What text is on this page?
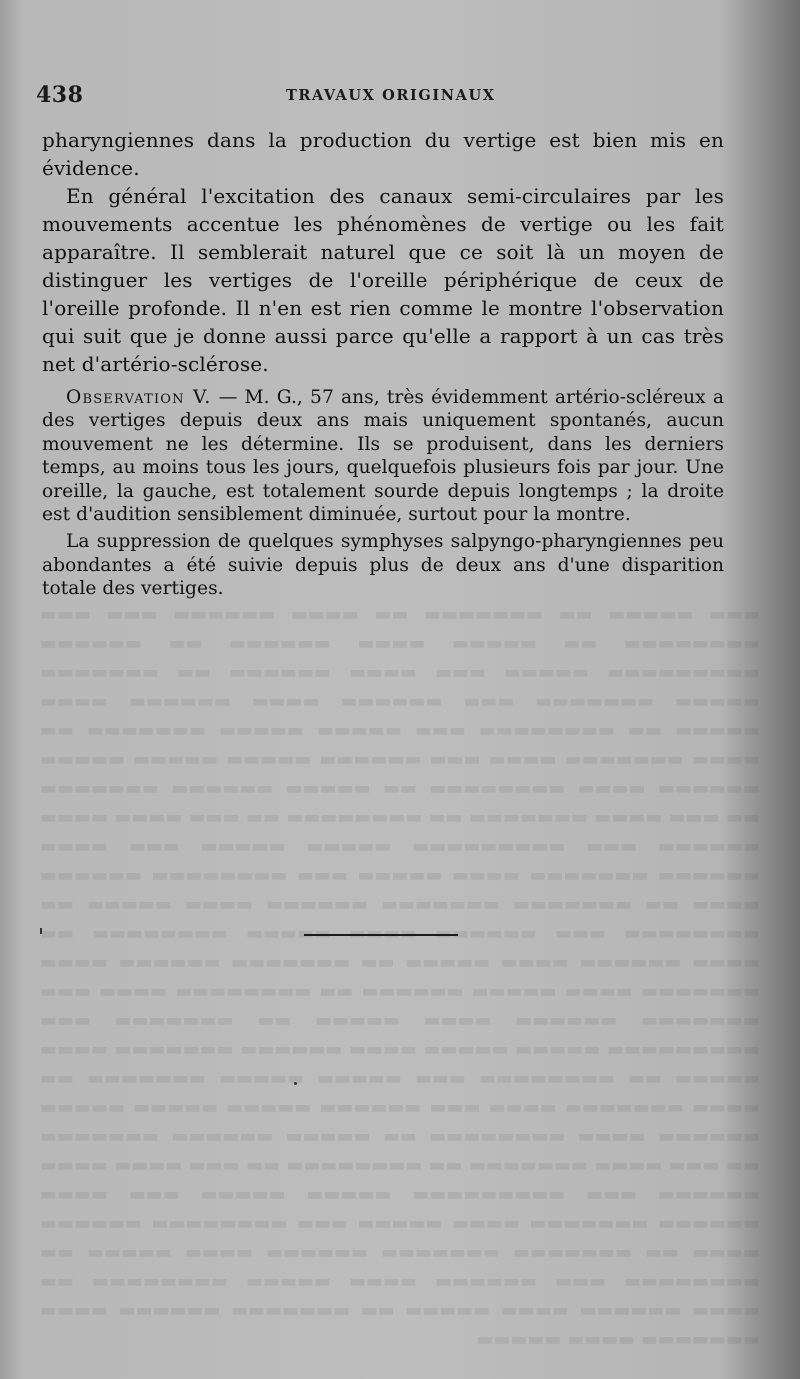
▬▬▬ ▬▬▬▬▬ ▬▬ ▬▬▬▬▬▬▬ ▬▬ ▬▬▬▬ ▬▬▬▬▬▬ ▬▬▬ ▬▬▬ ▬▬▬▬▬▬▬▬ ▬▬ ▬▬▬▬▬ ▬▬▬▬ ▬▬▬▬▬▬ ▬▬ ▬▬▬▬▬▬ ▬▬▬▬▬▬▬▬▬ ▬▬▬▬▬ ▬▬▬ ▬▬▬▬ ▬▬▬▬▬▬ ▬▬ ▬▬▬▬▬▬▬ ▬▬▬▬▬ ▬▬▬▬▬▬▬ ▬▬▬ ▬▬▬▬▬▬ ▬▬▬▬ ▬▬▬▬▬▬ ▬▬▬▬ ▬▬▬▬▬ ▬▬ ▬▬▬▬▬▬▬▬ ▬▬▬ ▬▬▬▬▬ ▬▬▬▬▬ ▬▬▬▬▬▬▬ ▬▬ ▬▬▬▬ ▬▬▬▬▬▬▬ ▬▬▬▬ ▬▬▬ ▬▬▬▬▬▬ ▬▬▬▬▬ ▬▬▬▬▬ ▬▬▬▬▬ ▬▬▬▬▬▬ ▬▬▬▬ ▬▬▬▬▬▬▬▬ ▬▬ ▬▬▬▬▬ ▬▬▬▬▬▬ ▬▬▬▬▬▬▬ ▬▬ ▬▬▬ ▬▬▬▬ ▬▬▬▬▬▬▬ ▬▬ ▬▬▬▬▬▬▬▬ ▬▬ ▬▬▬ ▬▬▬▬ ▬▬▬▬ ▬▬▬▬▬▬ ▬▬▬ ▬▬▬▬▬▬▬▬▬ ▬▬▬▬▬ ▬▬▬▬▬ ▬▬▬ ▬▬▬▬ ▬▬▬▬▬▬ ▬▬▬▬▬▬▬ ▬▬▬▬ ▬▬▬▬▬ ▬▬▬ ▬▬▬▬▬▬▬▬ ▬▬▬▬▬▬ ▬▬▬▬ ▬▬ ▬▬▬▬▬▬▬ ▬▬▬▬▬▬▬ ▬▬▬▬▬▬ ▬▬▬▬ ▬▬▬▬▬ ▬▬ ▬▬▬▬▬▬▬▬ ▬▬▬ ▬▬▬▬▬▬ ▬▬▬▬ ▬▬▬▬▬ ▬▬▬▬▬▬▬▬ ▬▬ ▬▬▬▬ ▬▬▬▬▬▬ ▬▬▬▬ ▬▬▬▬▬ ▬▬ ▬▬▬▬▬▬▬ ▬▬▬▬▬▬ ▬▬▬▬ ▬▬▬▬▬▬▬ ▬▬▬▬ ▬▬▬▬▬ ▬▬▬▬▬▬ ▬▬ ▬▬▬▬▬▬▬▬ ▬▬▬▬ ▬▬▬ ▬▬▬▬▬▬▬ ▬▬▬▬▬▬ ▬▬▬▬ ▬▬▬▬▬ ▬▬ ▬▬▬▬▬▬▬ ▬▬▬ ▬▬▬▬▬▬▬▬▬ ▬▬▬▬▬ ▬▬▬▬▬ ▬▬▬▬ ▬▬▬▬▬▬ ▬▬▬▬▬▬▬ ▬▬▬▬ ▬▬▬▬▬ ▬▬ ▬▬▬▬▬▬▬▬ ▬▬▬ ▬▬▬▬▬ ▬▬▬▬▬ ▬▬▬▬▬▬▬ ▬▬ ▬▬▬▬ ▬▬▬▬▬▬▬ ▬▬▬▬ ▬▬▬ ▬▬▬▬▬▬ ▬▬▬▬▬ ▬▬▬▬▬ ▬▬▬▬▬ ▬▬▬▬▬▬ ▬▬▬▬ ▬▬▬▬▬▬▬▬ ▬▬ ▬▬▬▬▬ ▬▬▬▬▬▬ ▬▬▬▬▬▬▬ ▬▬ ▬▬▬ ▬▬▬▬ ▬▬▬▬▬▬▬ ▬▬ ▬▬▬▬▬▬▬▬ ▬▬ ▬▬▬ ▬▬▬▬ ▬▬▬▬ ▬▬▬▬▬▬ ▬▬▬ ▬▬▬▬▬▬▬▬▬ ▬▬▬▬▬ ▬▬▬▬▬ ▬▬▬ ▬▬▬▬ ▬▬▬▬▬▬ ▬▬▬▬▬▬▬ ▬▬▬▬ ▬▬▬▬▬ ▬▬▬ ▬▬▬▬▬▬▬▬ ▬▬▬▬▬▬ ▬▬▬▬ ▬▬ ▬▬▬▬▬▬▬ ▬▬▬▬▬▬▬ ▬▬▬▬▬▬ ▬▬▬▬ ▬▬▬▬▬ ▬▬ ▬▬▬▬▬▬▬▬ ▬▬▬ ▬▬▬▬▬▬ ▬▬▬▬ ▬▬▬▬▬ ▬▬▬▬▬▬▬▬ ▬▬ ▬▬▬▬ ▬▬▬▬▬▬ ▬▬▬▬ ▬▬▬▬▬ ▬▬ ▬▬▬▬▬▬▬ ▬▬▬▬▬▬ ▬▬▬▬ ▬▬▬▬▬▬▬ ▬▬▬▬ ▬▬▬▬▬
438	TRAVAUX ORIGINAUX

pharyngiennes dans la production du vertige est bien mis en évidence.

En général l'excitation des canaux semi-circulaires par les mouvements accentue les phénomènes de vertige ou les fait apparaître. Il semblerait naturel que ce soit là un moyen de distinguer les vertiges de l'oreille périphérique de ceux de l'oreille profonde. Il n'en est rien comme le montre l'observation qui suit que je donne aussi parce qu'elle a rapport à un cas très net d'artério-sclérose.

Observation V. — M. G., 57 ans, très évidemment artério-scléreux a des vertiges depuis deux ans mais uniquement spontanés, aucun mouvement ne les détermine. Ils se produisent, dans les derniers temps, au moins tous les jours, quelquefois plusieurs fois par jour. Une oreille, la gauche, est totalement sourde depuis longtemps ; la droite est d'audition sensiblement diminuée, surtout pour la montre.

La suppression de quelques symphyses salpyngo-pharyngiennes peu abondantes a été suivie depuis plus de deux ans d'une disparition totale des vertiges.
